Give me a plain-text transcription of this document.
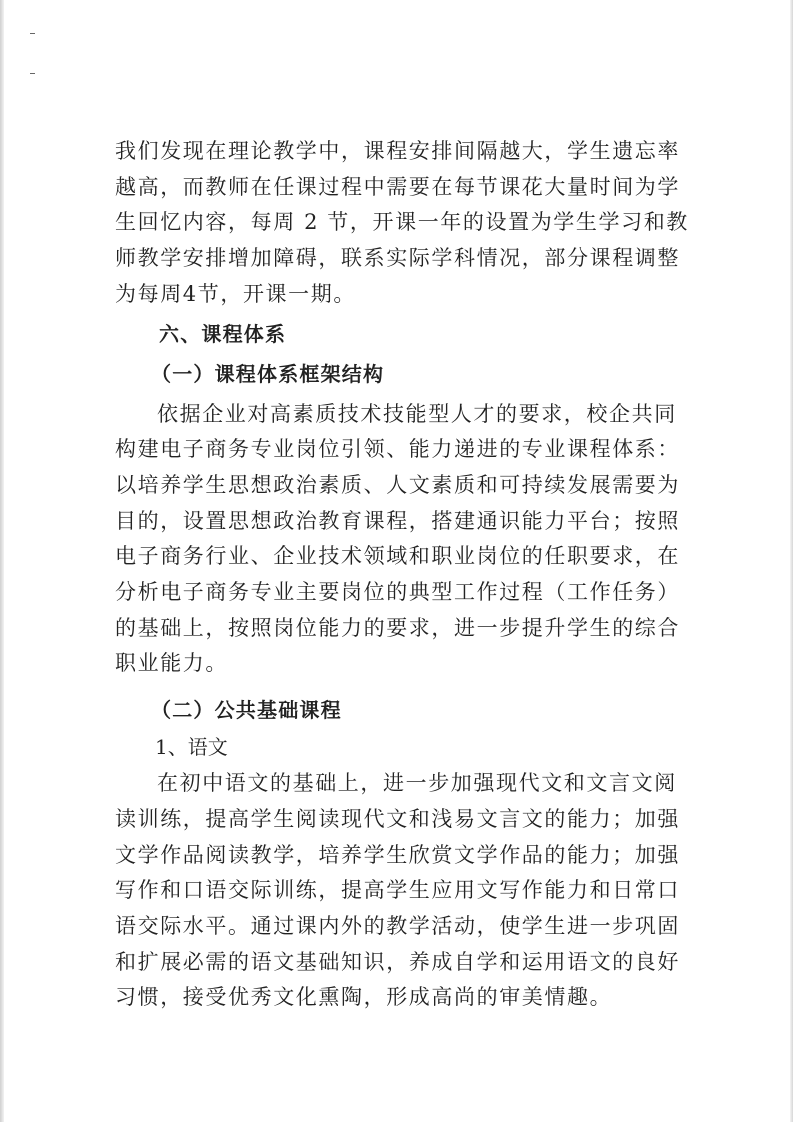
我们发现在理论教学中，课程安排间隔越大，学生遗忘率越高，而教师在任课过程中需要在每节课花大量时间为学生回忆内容，每周 2 节，开课一年的设置为学生学习和教师教学安排增加障碍，联系实际学科情况，部分课程调整为每周4节，开课一期。

六、课程体系
（一）课程体系框架结构

依据企业对高素质技术技能型人才的要求，校企共同构建电子商务专业岗位引领、能力递进的专业课程体系：以培养学生思想政治素质、人文素质和可持续发展需要为目的，设置思想政治教育课程，搭建通识能力平台；按照电子商务行业、企业技术领域和职业岗位的任职要求，在分析电子商务专业主要岗位的典型工作过程（工作任务）的基础上，按照岗位能力的要求，进一步提升学生的综合职业能力。

（二）公共基础课程

1、语文

在初中语文的基础上，进一步加强现代文和文言文阅读训练，提高学生阅读现代文和浅易文言文的能力；加强文学作品阅读教学，培养学生欣赏文学作品的能力；加强写作和口语交际训练，提高学生应用文写作能力和日常口语交际水平。通过课内外的教学活动，使学生进一步巩固和扩展必需的语文基础知识，养成自学和运用语文的良好习惯，接受优秀文化熏陶，形成高尚的审美情趣。
